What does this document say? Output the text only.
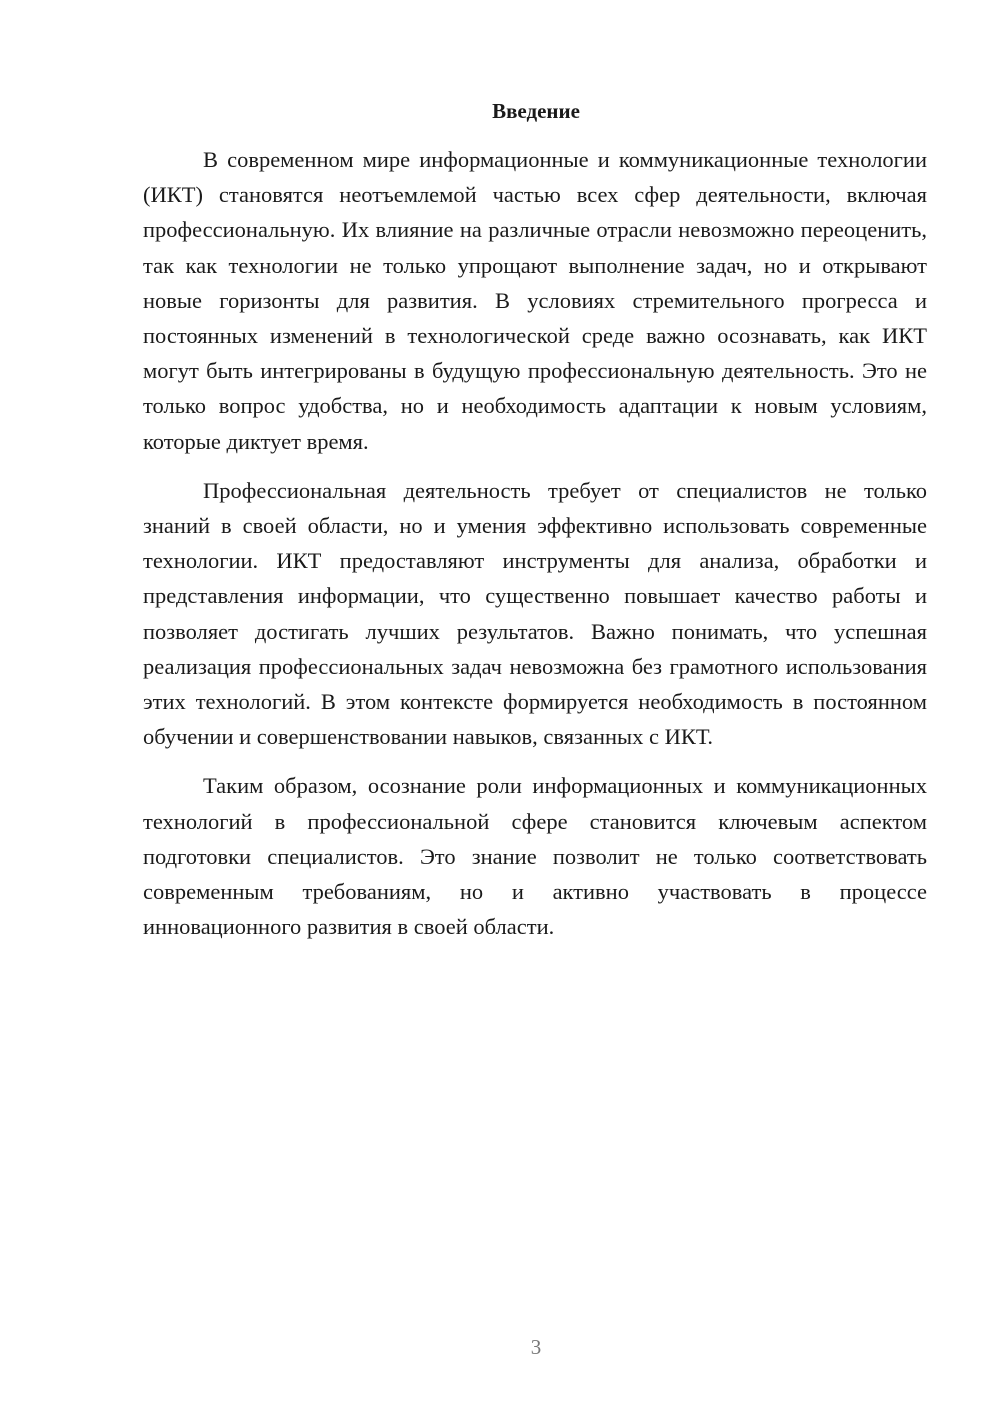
Введение

В современном мире информационные и коммуникационные технологии (ИКТ) становятся неотъемлемой частью всех сфер деятельности, включая профессиональную. Их влияние на различные отрасли невозможно переоценить, так как технологии не только упрощают выполнение задач, но и открывают новые горизонты для развития. В условиях стремительного прогресса и постоянных изменений в технологической среде важно осознавать, как ИКТ могут быть интегрированы в будущую профессиональную деятельность. Это не только вопрос удобства, но и необходимость адаптации к новым условиям, которые диктует время.

Профессиональная деятельность требует от специалистов не только знаний в своей области, но и умения эффективно использовать современные технологии. ИКТ предоставляют инструменты для анализа, обработки и представления информации, что существенно повышает качество работы и позволяет достигать лучших результатов. Важно понимать, что успешная реализация профессиональных задач невозможна без грамотного использования этих технологий. В этом контексте формируется необходимость в постоянном обучении и совершенствовании навыков, связанных с ИКТ.

Таким образом, осознание роли информационных и коммуникационных технологий в профессиональной сфере становится ключевым аспектом подготовки специалистов. Это знание позволит не только соответствовать современным требованиям, но и активно участвовать в процессе инновационного развития в своей области.

3
